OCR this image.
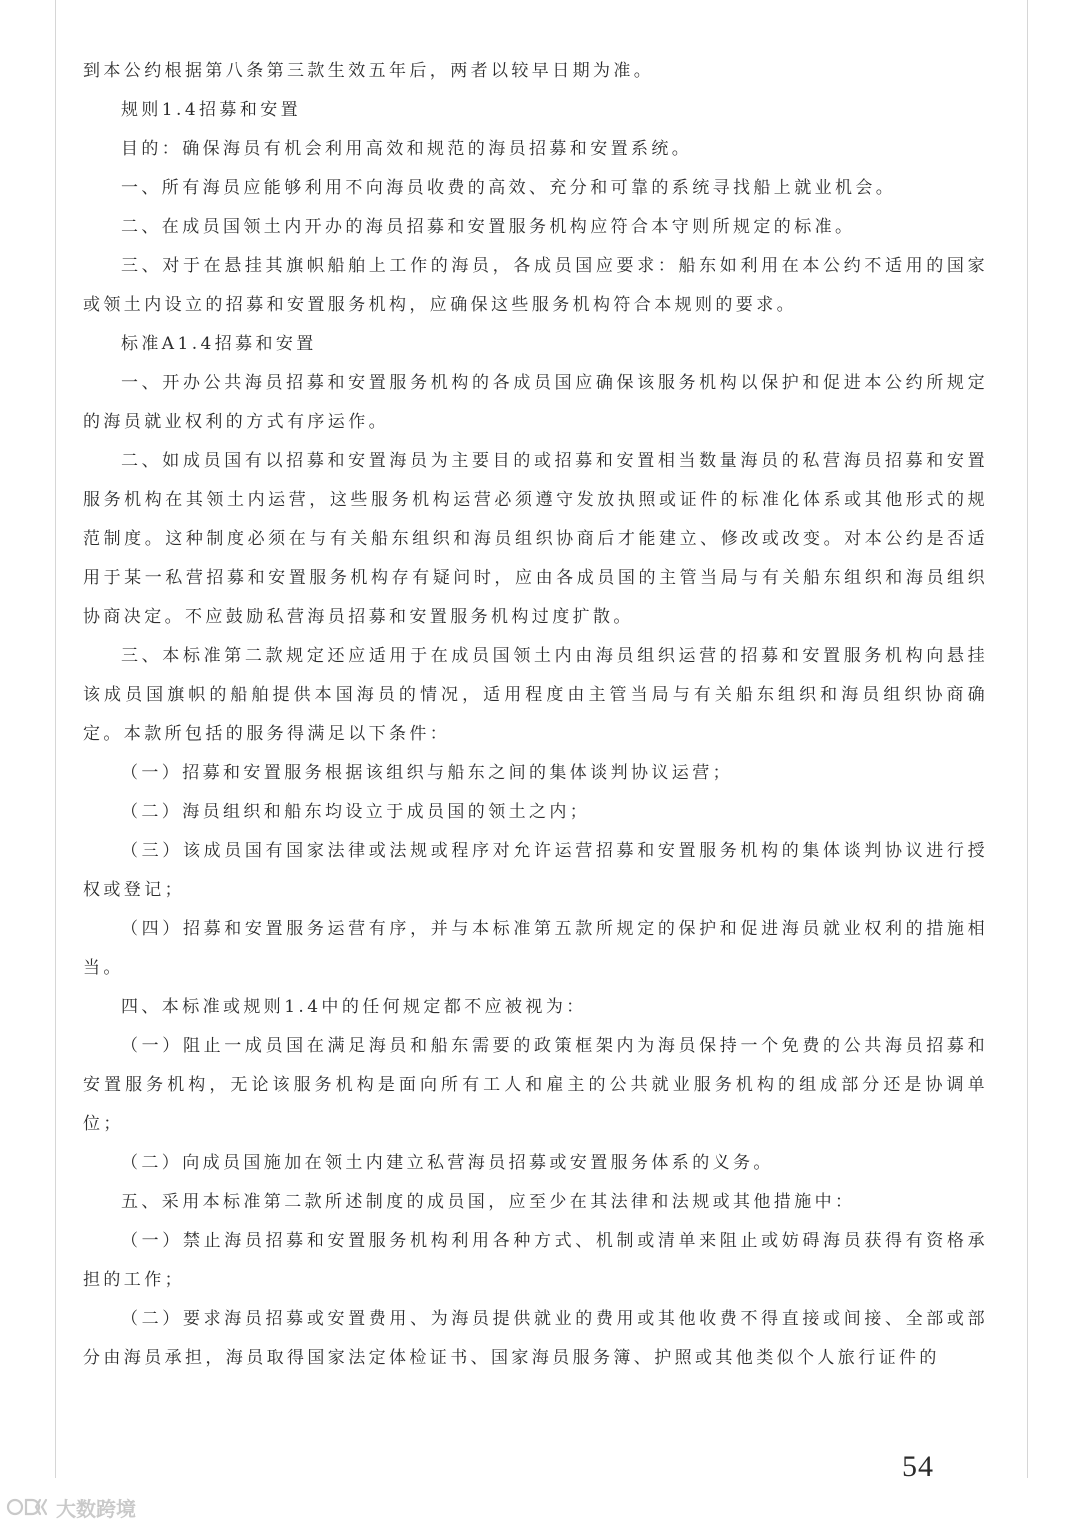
到本公约根据第八条第三款生效五年后，两者以较早日期为准。

规则1.4招募和安置

目的：确保海员有机会利用高效和规范的海员招募和安置系统。

一、所有海员应能够利用不向海员收费的高效、充分和可靠的系统寻找船上就业机会。

二、在成员国领土内开办的海员招募和安置服务机构应符合本守则所规定的标准。

三、对于在悬挂其旗帜船舶上工作的海员，各成员国应要求：船东如利用在本公约不适用的国家或领土内设立的招募和安置服务机构，应确保这些服务机构符合本规则的要求。

标准A1.4招募和安置

一、开办公共海员招募和安置服务机构的各成员国应确保该服务机构以保护和促进本公约所规定的海员就业权利的方式有序运作。

二、如成员国有以招募和安置海员为主要目的或招募和安置相当数量海员的私营海员招募和安置服务机构在其领土内运营，这些服务机构运营必须遵守发放执照或证件的标准化体系或其他形式的规范制度。这种制度必须在与有关船东组织和海员组织协商后才能建立、修改或改变。对本公约是否适用于某一私营招募和安置服务机构存有疑问时，应由各成员国的主管当局与有关船东组织和海员组织协商决定。不应鼓励私营海员招募和安置服务机构过度扩散。

三、本标准第二款规定还应适用于在成员国领土内由海员组织运营的招募和安置服务机构向悬挂该成员国旗帜的船舶提供本国海员的情况，适用程度由主管当局与有关船东组织和海员组织协商确定。本款所包括的服务得满足以下条件：

（一）招募和安置服务根据该组织与船东之间的集体谈判协议运营；

（二）海员组织和船东均设立于成员国的领土之内；

（三）该成员国有国家法律或法规或程序对允许运营招募和安置服务机构的集体谈判协议进行授权或登记；

（四）招募和安置服务运营有序，并与本标准第五款所规定的保护和促进海员就业权利的措施相当。

四、本标准或规则1.4中的任何规定都不应被视为：

（一）阻止一成员国在满足海员和船东需要的政策框架内为海员保持一个免费的公共海员招募和安置服务机构，无论该服务机构是面向所有工人和雇主的公共就业服务机构的组成部分还是协调单位；

（二）向成员国施加在领土内建立私营海员招募或安置服务体系的义务。

五、采用本标准第二款所述制度的成员国，应至少在其法律和法规或其他措施中：

（一）禁止海员招募和安置服务机构利用各种方式、机制或清单来阻止或妨碍海员获得有资格承担的工作；

（二）要求海员招募或安置费用、为海员提供就业的费用或其他收费不得直接或间接、全部或部分由海员承担，海员取得国家法定体检证书、国家海员服务簿、护照或其他类似个人旅行证件的

54
大数跨境
